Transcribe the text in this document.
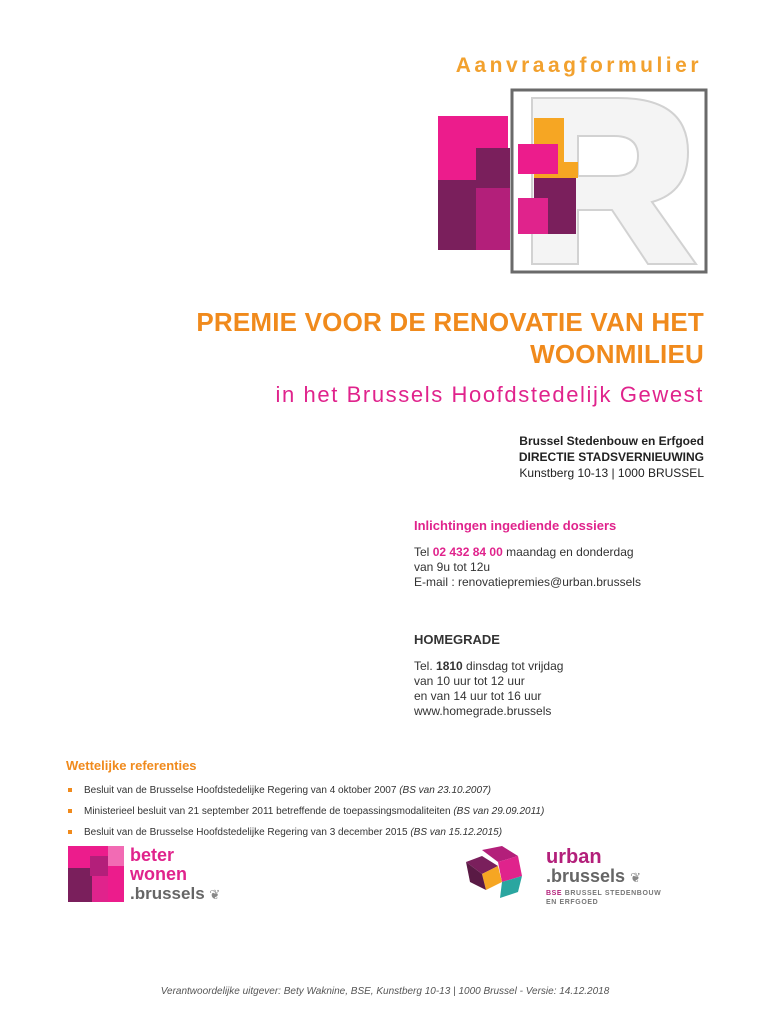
Aanvraagformulier
PREMIE VOOR DE RENOVATIE VAN HET
WOONMILIEU
in het Brussels Hoofdstedelijk Gewest
Brussel Stedenbouw en Erfgoed
DIRECTIE STADSVERNIEUWING
Kunstberg 10-13 | 1000 BRUSSEL
Inlichtingen ingediende dossiers
Tel 02 432 84 00 maandag en donderdag
van 9u tot 12u
E-mail : renovatiepremies@urban.brussels
HOMEGRADE
Tel. 1810 dinsdag tot vrijdag
van 10 uur tot 12 uur
en van 14 uur tot 16 uur
www.homegrade.brussels
Wettelijke referenties
Besluit van de Brusselse Hoofdstedelijke Regering van 4 oktober 2007 (BS van 23.10.2007)
Ministerieel besluit van 21 september 2011 betreffende de toepassingsmodaliteiten (BS van 29.09.2011)
Besluit van de Brusselse Hoofdstedelijke Regering van 3 december 2015 (BS van 15.12.2015)
beter
wonen
.brussels ❦
urban
.brussels ❦
BSE BRUSSEL STEDENBOUW
EN ERFGOED
Verantwoordelijke uitgever: Bety Waknine, BSE, Kunstberg 10-13 | 1000 Brussel - Versie: 14.12.2018
